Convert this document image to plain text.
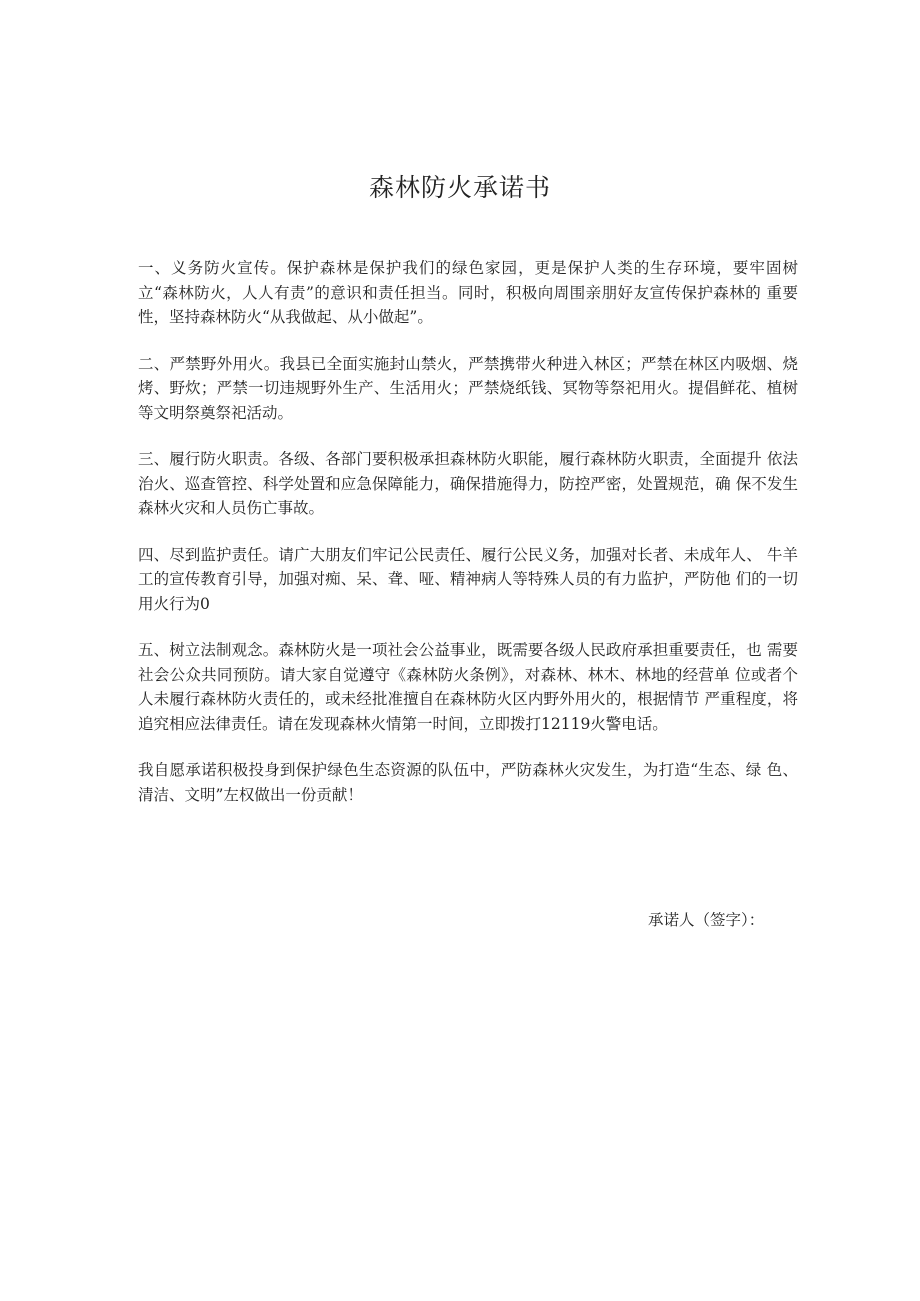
森林防火承诺书

一、义务防火宣传。保护森林是保护我们的绿色家园，更是保护人类的生存环境，要牢固树 立“森林防火，人人有责”的意识和责任担当。同时，积极向周围亲朋好友宣传保护森林的 重要性，坚持森林防火“从我做起、从小做起”。

二、严禁野外用火。我县已全面实施封山禁火，严禁携带火种进入林区；严禁在林区内吸烟、烧烤、野炊；严禁一切违规野外生产、生活用火；严禁烧纸钱、冥物等祭祀用火。提倡鲜花、植树等文明祭奠祭祀活动。

三、履行防火职责。各级、各部门要积极承担森林防火职能，履行森林防火职责，全面提升 依法治火、巡查管控、科学处置和应急保障能力，确保措施得力，防控严密，处置规范，确 保不发生森林火灾和人员伤亡事故。

四、尽到监护责任。请广大朋友们牢记公民责任、履行公民义务，加强对长者、未成年人、 牛羊工的宣传教育引导，加强对痴、呆、聋、哑、精神病人等特殊人员的有力监护，严防他 们的一切用火行为0

五、树立法制观念。森林防火是一项社会公益事业，既需要各级人民政府承担重要责任，也 需要社会公众共同预防。请大家自觉遵守《森林防火条例》，对森林、林木、林地的经营单 位或者个人未履行森林防火责任的，或未经批准擅自在森林防火区内野外用火的，根据情节 严重程度，将追究相应法律责任。请在发现森林火情第一时间，立即拨打12119火警电话。

我自愿承诺积极投身到保护绿色生态资源的队伍中，严防森林火灾发生，为打造“生态、绿 色、清洁、文明”左权做出一份贡献！

承诺人（签字）：
